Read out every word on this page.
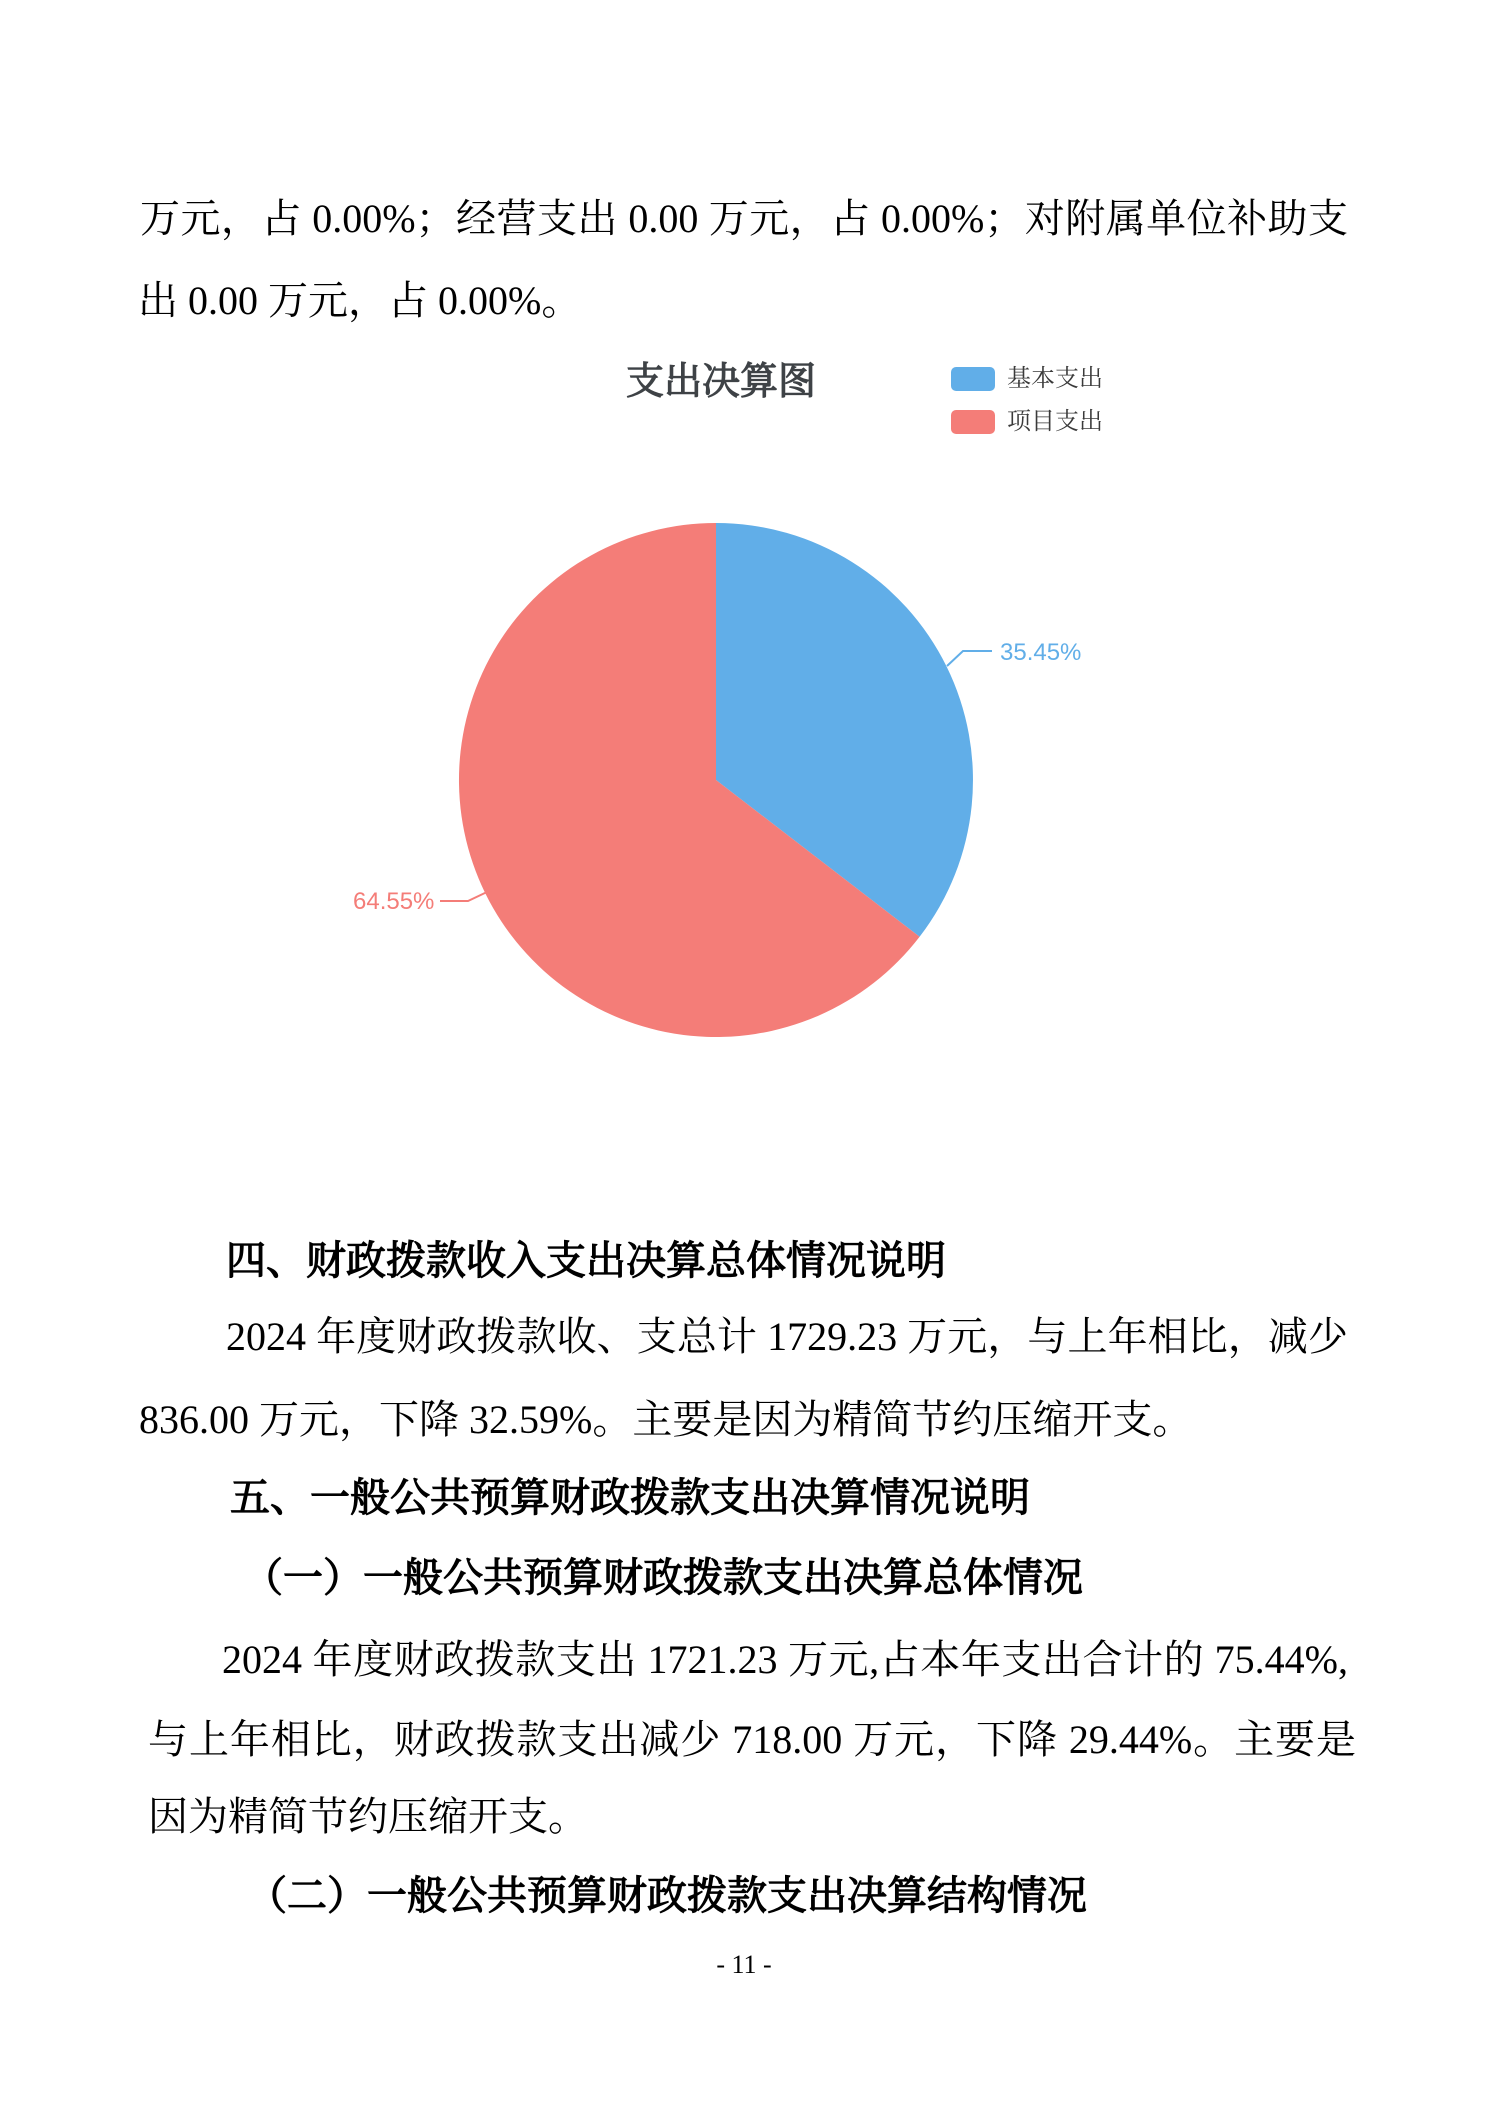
万元，占 0.00%；经营支出 0.00 万元，占 0.00%；对附属单位补助支
出 0.00 万元，占 0.00%。
支出决算图	基本支出
项目支出
35.45%
64.55%
四、财政拨款收入支出决算总体情况说明
2024 年度财政拨款收、支总计 1729.23 万元，与上年相比，减少
836.00 万元，下降 32.59%。主要是因为精简节约压缩开支。
五、一般公共预算财政拨款支出决算情况说明
（一）一般公共预算财政拨款支出决算总体情况
2024 年度财政拨款支出 1721.23 万元,占本年支出合计的 75.44%,
与上年相比，财政拨款支出减少 718.00 万元，下降 29.44%。主要是
因为精简节约压缩开支。
（二）一般公共预算财政拨款支出决算结构情况
- 11 -
